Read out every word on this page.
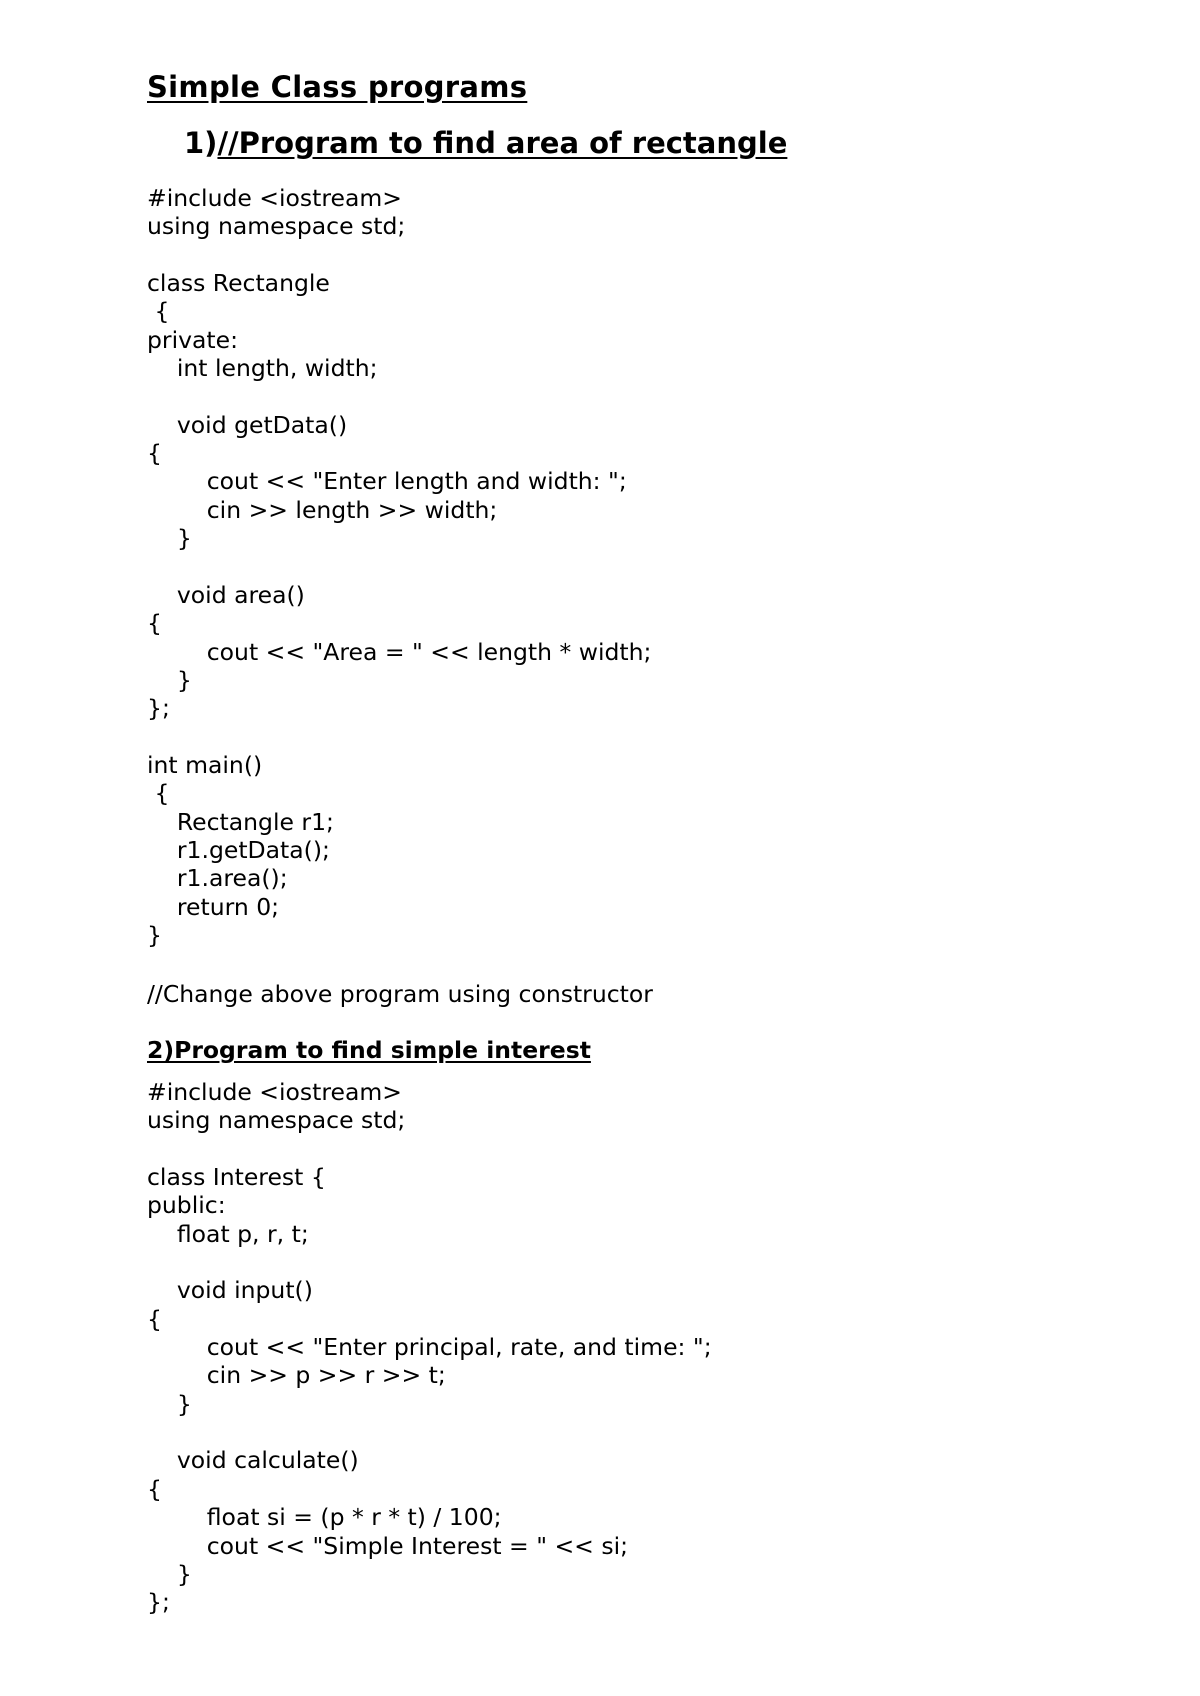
Simple Class programs
1)//Program to find area of rectangle
#include <iostream>
using namespace std;
class Rectangle
{
private:
int length, width;
void getData()
{
cout << "Enter length and width: ";
cin >> length >> width;
}
void area()
{
cout << "Area = " << length * width;
}
};
int main()
{
Rectangle r1;
r1.getData();
r1.area();
return 0;
}
//Change above program using constructor
2)Program to find simple interest
#include <iostream>
using namespace std;
class Interest {
public:
float p, r, t;
void input()
{
cout << "Enter principal, rate, and time: ";
cin >> p >> r >> t;
}
void calculate()
{
float si = (p * r * t) / 100;
cout << "Simple Interest = " << si;
}
};
